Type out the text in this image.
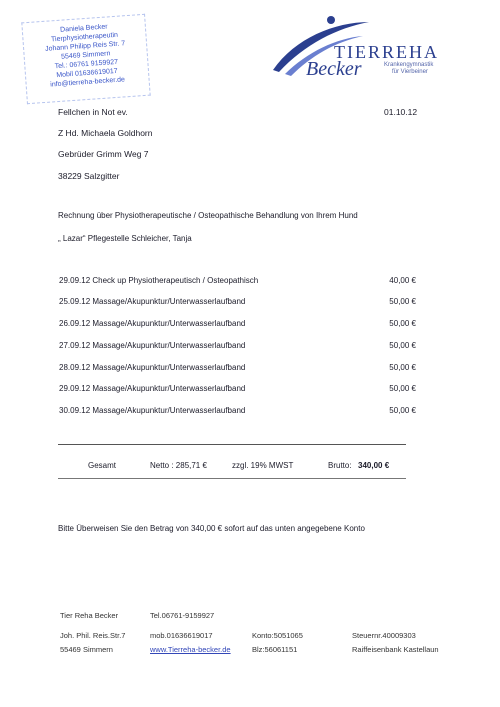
Daniela Becker
Tierphysiotherapeutin
Johann Philipp Reis Str. 7
55469 Simmern
Tel.: 06761 9159927
Mobil 01636619017
info@tierreha-becker.de
TIERREHA
Becker	Krankengymnastik
für Vierbeiner
Fellchen in Not ev.	01.10.12
Z Hd. Michaela Goldhorn
Gebrüder Grimm Weg 7
38229 Salzgitter
Rechnung über Physiotherapeutische / Osteopathische Behandlung von Ihrem Hund
„ Lazar“ Pflegestelle Schleicher, Tanja
29.09.12 Check up Physiotherapeutisch / Osteopathisch	40,00 €
25.09.12 Massage/Akupunktur/Unterwasserlaufband	50,00 €
26.09.12 Massage/Akupunktur/Unterwasserlaufband	50,00 €
27.09.12 Massage/Akupunktur/Unterwasserlaufband	50,00 €
28.09.12 Massage/Akupunktur/Unterwasserlaufband	50,00 €
29.09.12 Massage/Akupunktur/Unterwasserlaufband	50,00 €
30.09.12 Massage/Akupunktur/Unterwasserlaufband	50,00 €
Gesamt	Netto : 285,71 €	zzgl. 19% MWST	Brutto: 340,00 €
Bitte Überweisen Sie den Betrag von 340,00 € sofort auf das unten angegebene Konto
Tier Reha Becker	Tel.06761-9159927
Joh. Phil. Reis.Str.7	mob.01636619017	Konto:5051065	Steuernr.40009303
55469 Simmern	www.Tierreha-becker.de	Blz:56061151	Raiffeisenbank Kastellaun
